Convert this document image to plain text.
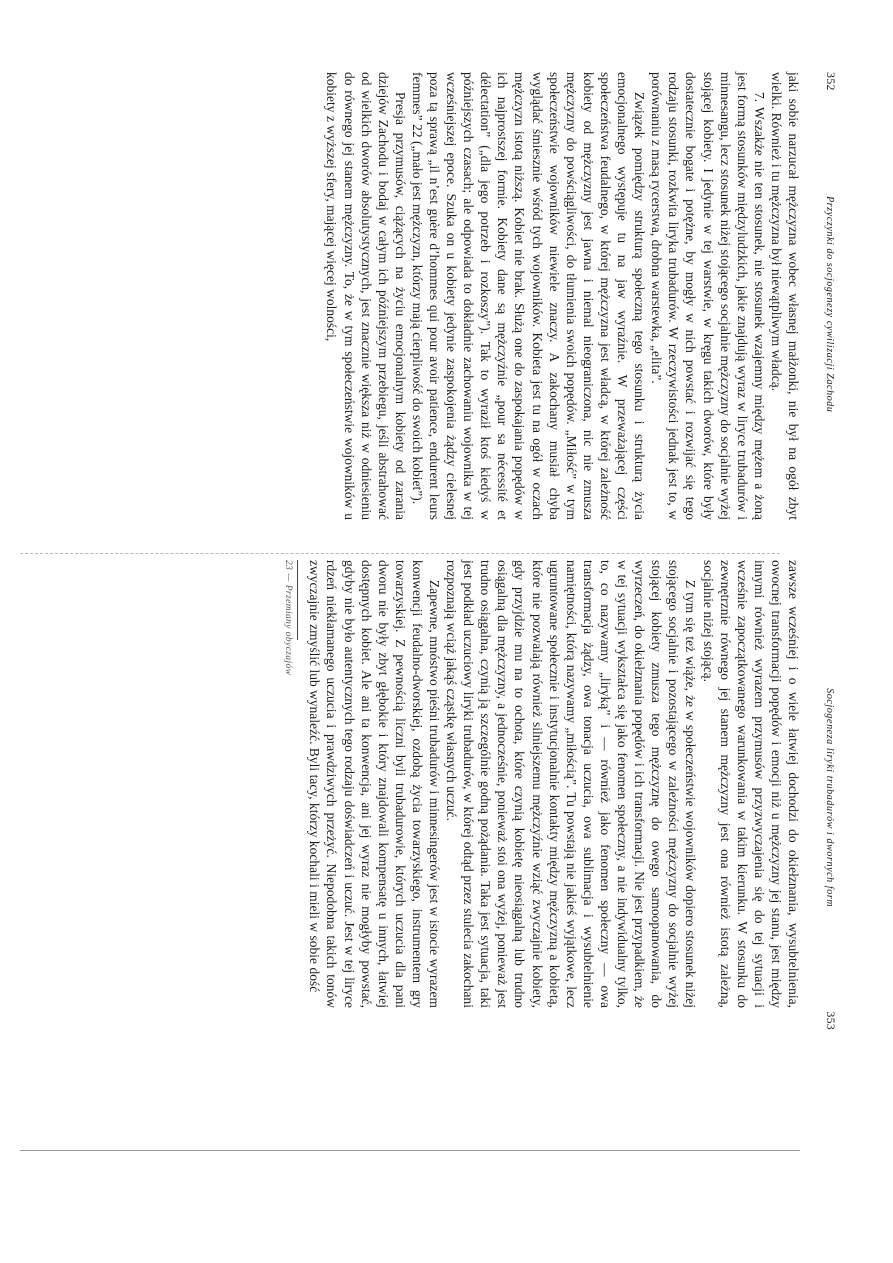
352
Przyczynki do socjogenezy cywilizacji Zachodu

jaki sobie narzucał mężczyzna wobec własnej małżonki, nie był na ogół zbyt wielki. Również i tu mężczyzna był niewątpliwym władcą.

7. Wszakże nie ten stosunek, nie stosunek wzajemny między mężem a żoną jest formą stosunków międzyludzkich, jakie znajdują wyraz w liryce trubadurów i minnesangu, lecz stosunek niżej stojącego socjalnie mężczyzny do socjalnie wyżej stojącej kobiety. I jedynie w tej warstwie, w kręgu takich dworów, które były dostatecznie bogate i potężne, by mogły w nich powstać i rozwijać się tego rodzaju stosunki, rozkwita liryka trubadurów. W rzeczywistości jednak jest to, w porównaniu z masą rycerstwa, drobna warstewka, „elita”.

Związek pomiędzy strukturą społeczną tego stosunku i strukturą życia emocjonalnego występuje tu na jaw wyraźnie. W przeważającej części społeczeństwa feudalnego, w której mężczyzna jest władcą, w której zależność kobiety od mężczyzny jest jawna i niemal nieograniczona, nic nie zmusza mężczyzny do powściągliwości, do tłumienia swoich popędów. „Miłość” w tym społeczeństwie wojowników niewiele znaczy. A zakochany musiał chyba wyglądać śmiesznie wśród tych wojowników. Kobieta jest tu na ogół w oczach mężczyzn istotą niższą. Kobiet nie brak. Służą one do zaspokajania popędów w ich najprostszej formie. Kobiety dane są mężczyźnie „pour sa nécessité et délectation” („dla jego potrzeb i rozkoszy”). Tak to wyraził ktoś kiedyś w późniejszych czasach; ale odpowiada to dokładnie zachowaniu wojownika w tej wcześniejszej epoce. Szuka on u kobiety jedynie zaspokojenia żądzy cielesnej poza tą sprawą „il n’est guère d’hommes qui pour avoir patience, endurent leurs femmes” 22 („mało jest mężczyzn, którzy mają cierpliwość do swoich kobiet”).

Presja przymusów, ciążących na życiu emocjonalnym kobiety od zarania dziejów Zachodu i bodaj w całym ich późniejszym przebiegu, jeśli abstrahować od wielkich dworów absolutystycznych, jest znacznie większa niż w odniesieniu do równego jej stanem mężczyzny. To, że w tym społeczeństwie wojowników u kobiety z wyższej sfery, mającej więcej wolności,

Socjogeneza liryki trubadurów i dwornych form
353

zawsze wcześniej i o wiele łatwiej dochodzi do okiełznania, wysubtelnienia, owocnej transformacji popędów i emocji niż u mężczyzny jej stanu, jest między innymi również wyrazem przymusów przyzwyczajenia się do tej sytuacji i wcześnie zapoczątkowanego warunkowania w takim kierunku. W stosunku do zewnętrznie równego jej stanem mężczyzny jest ona również istotą zależną, socjalnie niżej stojącą.

Z tym się też wiąże, że w społeczeństwie wojowników dopiero stosunek niżej stojącego socjalnie i pozostającego w zależności mężczyzny do socjalnie wyżej stojącej kobiety zmusza tego mężczyznę do owego samoopanowania, do wyrzeczeń, do okiełznania popędów i ich transformacji. Nie jest przypadkiem, że w tej sytuacji wykształca się jako fenomen społeczny, a nie indywidualny tylko, to, co nazywamy „liryką” i — również jako fenomen społeczny — owa transformacja żądzy, owa tonacja uczucia, owa sublimacja i wysubtelnienie namiętności, którą nazywamy „miłością”. Tu powstają nie jakieś wyjątkowe, lecz ugruntowane społecznie i instytucjonalnie kontakty między mężczyzną a kobietą, które nie pozwalają również silniejszemu mężczyźnie wziąć zwyczajnie kobiety, gdy przyjdzie mu na to ochota, które czynią kobietę nieosiągalną lub trudno osiągalną dla mężczyzny, a jednocześnie, ponieważ stoi ona wyżej, ponieważ jest trudno osiągalna, czynią ją szczególnie godną pożądania. Taka jest sytuacja, taki jest podkład uczuciowy liryki trubadurów, w której odtąd przez stulecia zakochani rozpoznają wciąż jakąś cząstkę własnych uczuć.

Zapewne, mnóstwo pieśni trubadurów i minnesingerów jest w istocie wyrazem konwencji feudalno-dworskiej, ozdobą życia towarzyskiego, instrumentem gry towarzyskiej. Z pewnością liczni byli trubadurowie, których uczucia dla pani dworu nie były zbyt głębokie i który znajdowali kompensatę u innych, łatwiej dostępnych kobiet. Ale ani ta konwencja, ani jej wyraz nie mogłyby powstać, gdyby nie było autentycznych tego rodzaju doświadczeń i uczuć. Jest w tej liryce rdzeń niekłamanego uczucia i prawdziwych przeżyć. Niepodobna takich tonów zwyczajnie zmyślić lub wynaleźć. Byli tacy, którzy kochali i mieli w sobie dość

23 — Przemiany obyczajów
